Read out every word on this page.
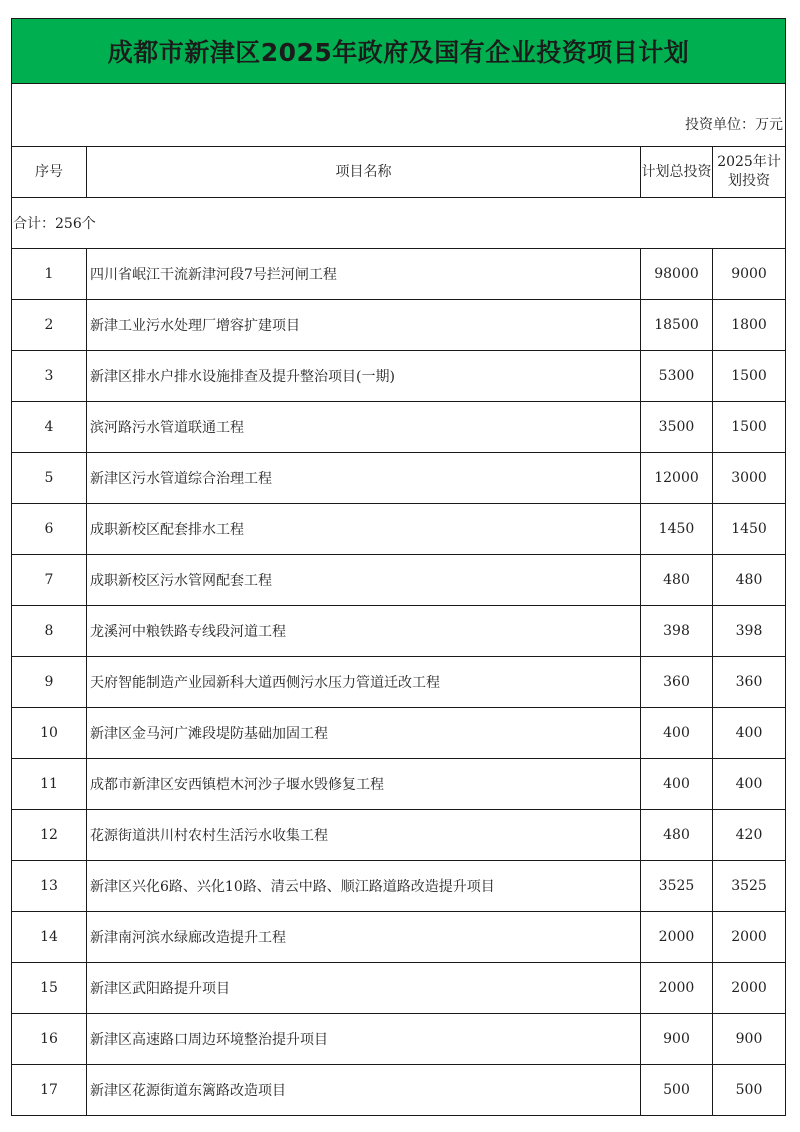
成都市新津区2025年政府及国有企业投资项目计划			
投资单位：万元			
序号	项目名称	计划总投资	2025年计划投资
合计：256个			
1	四川省岷江干流新津河段7号拦河闸工程	98000	9000
2	新津工业污水处理厂增容扩建项目	18500	1800
3	新津区排水户排水设施排查及提升整治项目(一期)	5300	1500
4	滨河路污水管道联通工程	3500	1500
5	新津区污水管道综合治理工程	12000	3000
6	成职新校区配套排水工程	1450	1450
7	成职新校区污水管网配套工程	480	480
8	龙溪河中粮铁路专线段河道工程	398	398
9	天府智能制造产业园新科大道西侧污水压力管道迁改工程	360	360
10	新津区金马河广滩段堤防基础加固工程	400	400
11	成都市新津区安西镇桤木河沙子堰水毁修复工程	400	400
12	花源街道洪川村农村生活污水收集工程	480	420
13	新津区兴化6路、兴化10路、清云中路、顺江路道路改造提升项目	3525	3525
14	新津南河滨水绿廊改造提升工程	2000	2000
15	新津区武阳路提升项目	2000	2000
16	新津区高速路口周边环境整治提升项目	900	900
17	新津区花源街道东篱路改造项目	500	500
